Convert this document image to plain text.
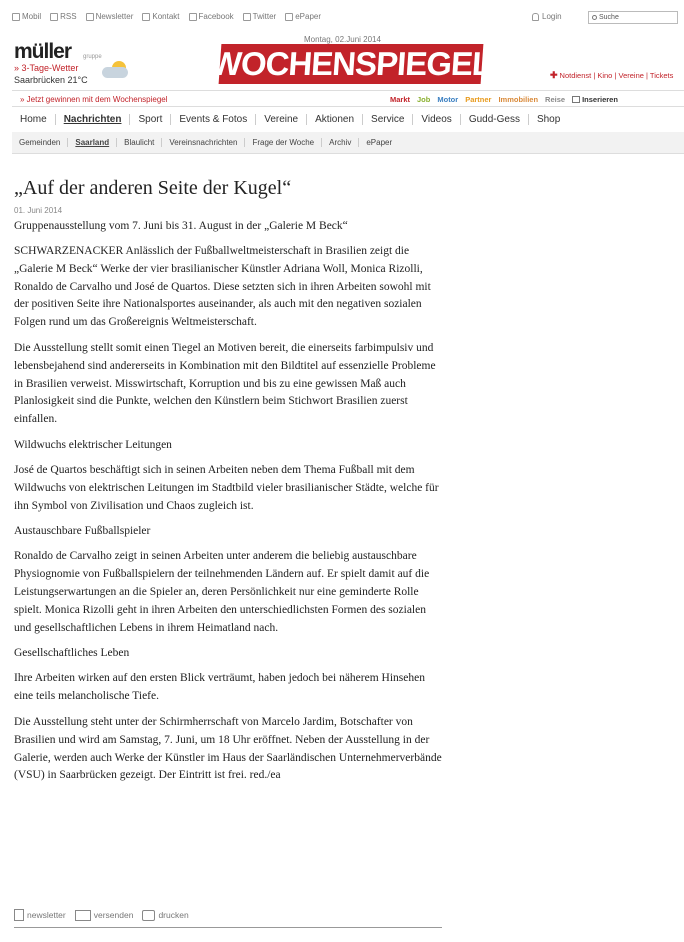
Mobil RSS Newsletter Kontakt Facebook Twitter ePaper	Login	Suche
Montag, 02.Juni 2014
müller gruppe
» 3-Tage-Wetter
Saarbrücken 21°C	WOCHENSPIEGEL	✚ Notdienst | Kino | Vereine | Tickets
» Jetzt gewinnen mit dem Wochenspiegel	Markt Job Motor Partner Immobilien Reise Inserieren
Home	Nachrichten	Sport	Events & Fotos	Vereine	Aktionen	Service	Videos	Gudd-Gess	Shop
Gemeinden	Saarland	Blaulicht	Vereinsnachrichten	Frage der Woche	Archiv	ePaper
„Auf der anderen Seite der Kugel“
01. Juni 2014

Gruppenausstellung vom 7. Juni bis 31. August in der „Galerie M Beck“

SCHWARZENACKER Anlässlich der Fußballweltmeisterschaft in Brasilien zeigt die „Galerie M Beck“ Werke der vier brasilianischer Künstler Adriana Woll, Monica Rizolli, Ronaldo de Carvalho und José de Quartos. Diese setzten sich in ihren Arbeiten sowohl mit der positiven Seite ihre Nationalsportes auseinander, als auch mit den negativen sozialen Folgen rund um das Großereignis Weltmeisterschaft.

Die Ausstellung stellt somit einen Tiegel an Motiven bereit, die einerseits farbimpulsiv und lebensbejahend sind andererseits in Kombination mit den Bildtitel auf essenzielle Probleme in Brasilien verweist. Misswirtschaft, Korruption und bis zu eine gewissen Maß auch Planlosigkeit sind die Punkte, welchen den Künstlern beim Stichwort Brasilien zuerst einfallen.

Wildwuchs elektrischer Leitungen

José de Quartos beschäftigt sich in seinen Arbeiten neben dem Thema Fußball mit dem Wildwuchs von elektrischen Leitungen im Stadtbild vieler brasilianischer Städte, welche für ihn Symbol von Zivilisation und Chaos zugleich ist.

Austauschbare Fußballspieler

Ronaldo de Carvalho zeigt in seinen Arbeiten unter anderem die beliebig austauschbare Physiognomie von Fußballspielern der teilnehmenden Ländern auf. Er spielt damit auf die Leistungserwartungen an die Spieler an, deren Persönlichkeit nur eine geminderte Rolle spielt. Monica Rizolli geht in ihren Arbeiten den unterschiedlichsten Formen des sozialen und gesellschaftlichen Lebens in ihrem Heimatland nach.

Gesellschaftliches Leben

Ihre Arbeiten wirken auf den ersten Blick verträumt, haben jedoch bei näherem Hinsehen eine teils melancholische Tiefe.

Die Ausstellung steht unter der Schirmherrschaft von Marcelo Jardim, Botschafter von Brasilien und wird am Samstag, 7. Juni, um 18 Uhr eröffnet. Neben der Ausstellung in der Galerie, werden auch Werke der Künstler im Haus der Saarländischen Unternehmerverbände (VSU) in Saarbrücken gezeigt. Der Eintritt ist frei. red./ea

newsletter	versenden	drucken
